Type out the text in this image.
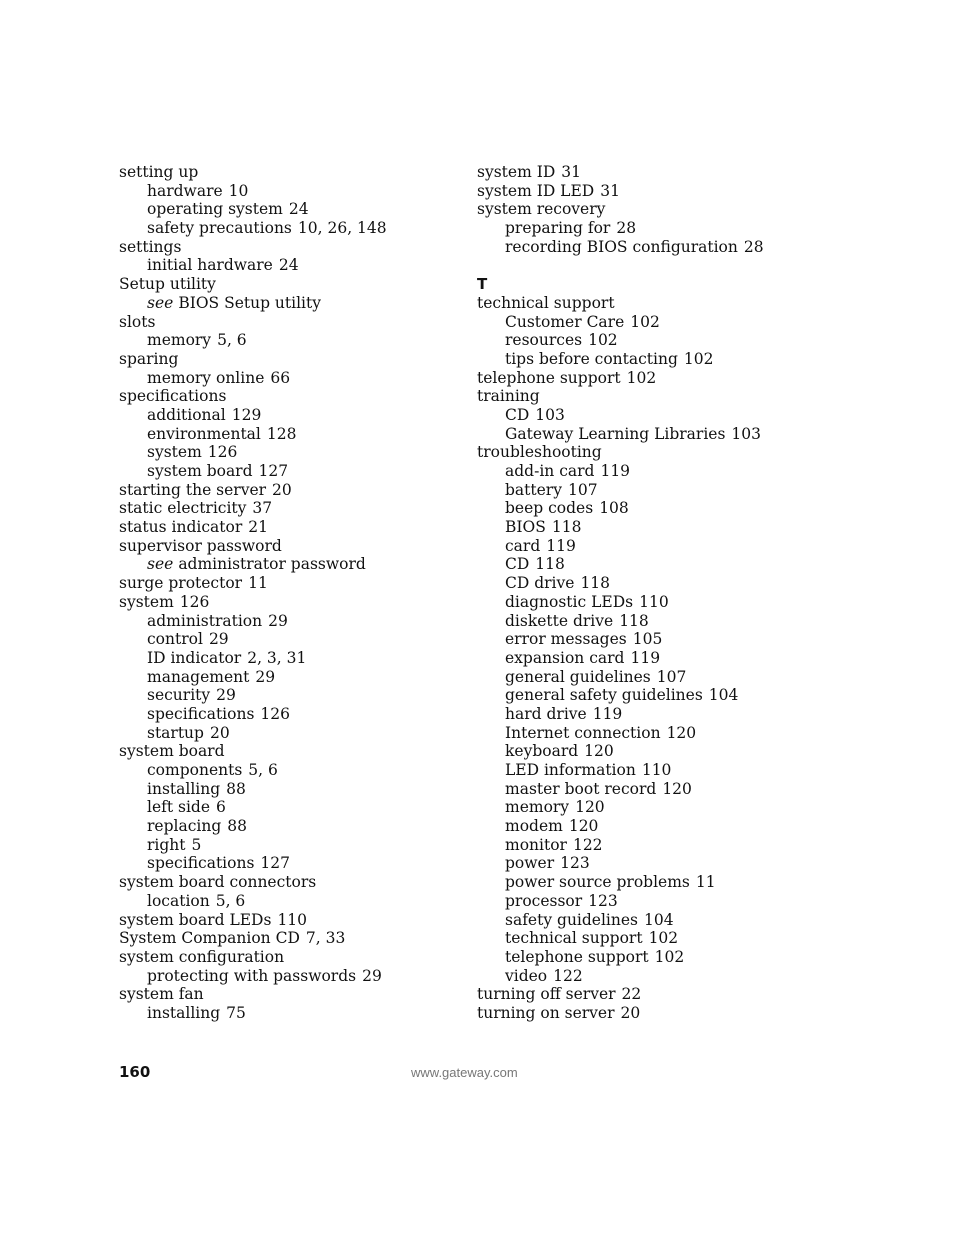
setting up
hardware 10
operating system 24
safety precautions 10, 26, 148
settings
initial hardware 24
Setup utility
see BIOS Setup utility
slots
memory 5, 6
sparing
memory online 66
specifications
additional 129
environmental 128
system 126
system board 127
starting the server 20
static electricity 37
status indicator 21
supervisor password
see administrator password
surge protector 11
system 126
administration 29
control 29
ID indicator 2, 3, 31
management 29
security 29
specifications 126
startup 20
system board
components 5, 6
installing 88
left side 6
replacing 88
right 5
specifications 127
system board connectors
location 5, 6
system board LEDs 110
System Companion CD 7, 33
system configuration
protecting with passwords 29
system fan
installing 75
system ID 31
system ID LED 31
system recovery
preparing for 28
recording BIOS configuration 28
T
technical support
Customer Care 102
resources 102
tips before contacting 102
telephone support 102
training
CD 103
Gateway Learning Libraries 103
troubleshooting
add-in card 119
battery 107
beep codes 108
BIOS 118
card 119
CD 118
CD drive 118
diagnostic LEDs 110
diskette drive 118
error messages 105
expansion card 119
general guidelines 107
general safety guidelines 104
hard drive 119
Internet connection 120
keyboard 120
LED information 110
master boot record 120
memory 120
modem 120
monitor 122
power 123
power source problems 11
processor 123
safety guidelines 104
technical support 102
telephone support 102
video 122
turning off server 22
turning on server 20
160	www.gateway.com
